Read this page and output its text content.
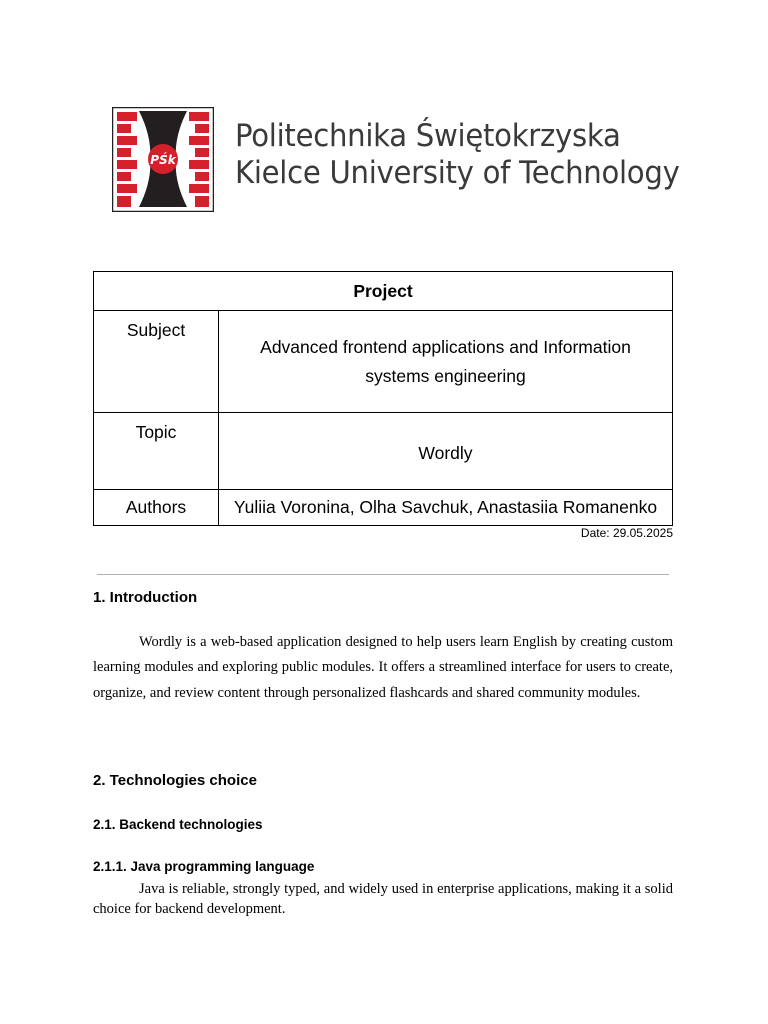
PŚk
Politechnika Świętokrzyska
Kielce University of Technology
Project	
Subject	Advanced frontend applications and Information systems engineering
Topic	Wordly
Authors	Yuliia Voronina, Olha Savchuk, Anastasiia Romanenko
Date: 29.05.2025
1. Introduction
Wordly is a web-based application designed to help users learn English by creating custom learning modules and exploring public modules. It offers a streamlined interface for users to create, organize, and review content through personalized flashcards and shared community modules.
2. Technologies choice
2.1. Backend technologies
2.1.1. Java programming language
Java is reliable, strongly typed, and widely used in enterprise applications, making it a solid choice for backend development.
